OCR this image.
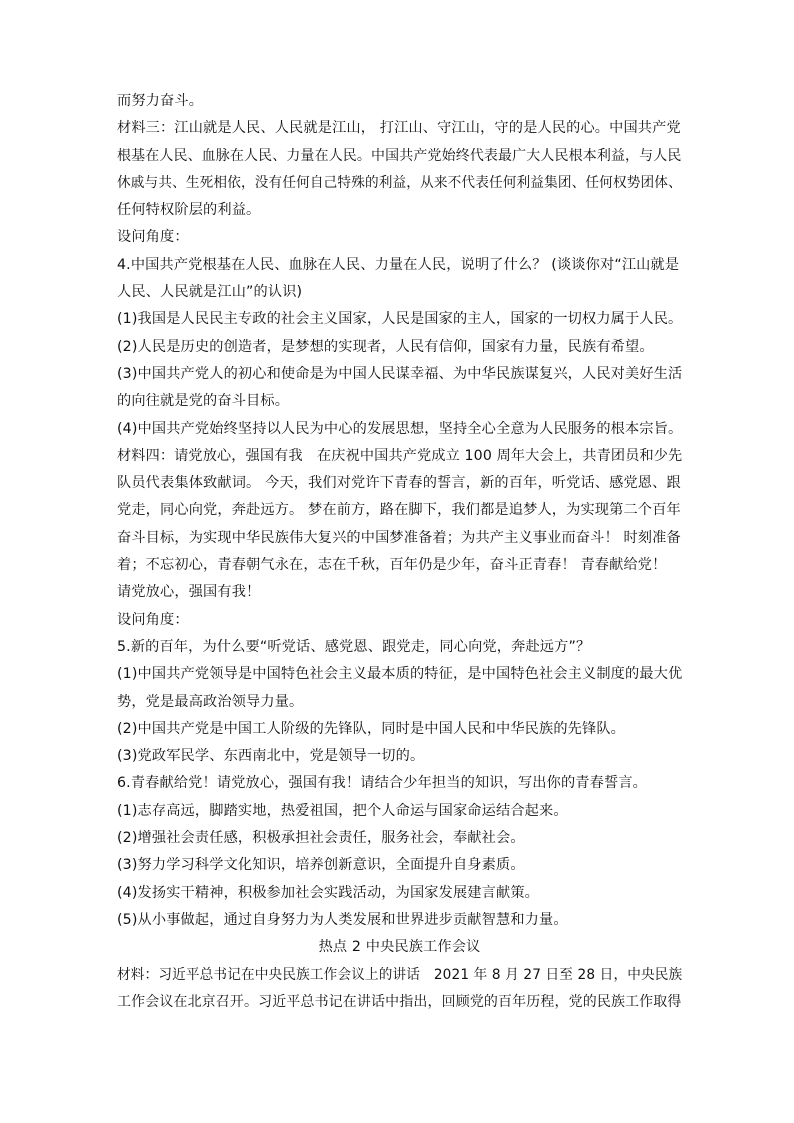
而努力奋斗。
材料三：江山就是人民、人民就是江山， 打江山、守江山，守的是人民的心。中国共产党
根基在人民、血脉在人民、力量在人民。中国共产党始终代表最广大人民根本利益，与人民
休戚与共、生死相依，没有任何自己特殊的利益，从来不代表任何利益集团、任何权势团体、
任何特权阶层的利益。
设问角度：
4.中国共产党根基在人民、血脉在人民、力量在人民，说明了什么？ (谈谈你对“江山就是
人民、人民就是江山”的认识)
(1)我国是人民民主专政的社会主义国家，人民是国家的主人，国家的一切权力属于人民。
(2)人民是历史的创造者，是梦想的实现者，人民有信仰，国家有力量，民族有希望。
(3)中国共产党人的初心和使命是为中国人民谋幸福、为中华民族谋复兴，人民对美好生活
的向往就是党的奋斗目标。
(4)中国共产党始终坚持以人民为中心的发展思想，坚持全心全意为人民服务的根本宗旨。
材料四：请党放心，强国有我　在庆祝中国共产党成立 100 周年大会上，共青团员和少先
队员代表集体致献词。 今天，我们对党许下青春的誓言，新的百年，听党话、感党恩、跟
党走，同心向党，奔赴远方。 梦在前方，路在脚下，我们都是追梦人，为实现第二个百年
奋斗目标，为实现中华民族伟大复兴的中国梦准备着；为共产主义事业而奋斗！ 时刻准备
着；不忘初心，青春朝气永在，志在千秋，百年仍是少年，奋斗正青春！ 青春献给党！
请党放心，强国有我！
设问角度：
5.新的百年，为什么要“听党话、感党恩、跟党走，同心向党，奔赴远方”？
(1)中国共产党领导是中国特色社会主义最本质的特征，是中国特色社会主义制度的最大优
势，党是最高政治领导力量。
(2)中国共产党是中国工人阶级的先锋队，同时是中国人民和中华民族的先锋队。
(3)党政军民学、东西南北中，党是领导一切的。
6.青春献给党！请党放心，强国有我！请结合少年担当的知识，写出你的青春誓言。
(1)志存高远，脚踏实地，热爱祖国，把个人命运与国家命运结合起来。
(2)增强社会责任感，积极承担社会责任，服务社会，奉献社会。
(3)努力学习科学文化知识，培养创新意识，全面提升自身素质。
(4)发扬实干精神，积极参加社会实践活动，为国家发展建言献策。
(5)从小事做起，通过自身努力为人类发展和世界进步贡献智慧和力量。
热点 2 中央民族工作会议
材料：习近平总书记在中央民族工作会议上的讲话　2021 年 8 月 27 日至 28 日，中央民族
工作会议在北京召开。习近平总书记在讲话中指出，回顾党的百年历程，党的民族工作取得
